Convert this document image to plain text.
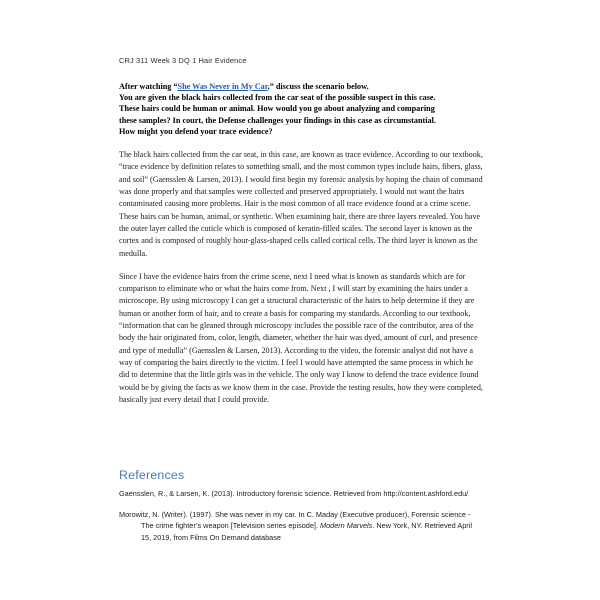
CRJ 311 Week 3 DQ 1 Hair Evidence
After watching “She Was Never in My Car,” discuss the scenario below.
You are given the black hairs collected from the car seat of the possible suspect in this case.
These hairs could be human or animal. How would you go about analyzing and comparing
these samples? In court, the Defense challenges your findings in this case as circumstantial.
How might you defend your trace evidence?

The black hairs collected from the car seat, in this case, are known as trace evidence. According to our textbook, “trace evidence by definition relates to something small, and the most common types include hairs, fibers, glass, and soil” (Gaensslen & Larsen, 2013). I would first begin my forensic analysis by hoping the chain of command was done properly and that samples were collected and preserved appropriately. I would not want the hairs contaminated causing more problems. Hair is the most common of all trace evidence found at a crime scene. These hairs can be human, animal, or synthetic. When examining hair, there are three layers revealed. You have the outer layer called the cuticle which is composed of keratin-filled scales. The second layer is known as the cortex and is composed of roughly hour-glass-shaped cells called cortical cells. The third layer is known as the medulla.

Since I have the evidence hairs from the crime scene, next I need what is known as standards which are for comparison to eliminate who or what the hairs come from. Next , I will start by examining the hairs under a microscope. By using microscopy I can get a structural characteristic of the hairs to help determine if they are human or another form of hair, and to create a basis for comparing my standards. According to our textbook, “information that can be gleaned through microscopy includes the possible race of the contributor, area of the body the hair originated from, color, length, diameter, whether the hair was dyed, amount of curl, and presence and type of medulla” (Gaensslen & Larsen, 2013). According to the video, the forensic analyst did not have a way of comparing the hairs directly to the victim. I feel I would have attempted the same process in which he did to determine that the little girls was in the vehicle. The only way I know to defend the trace evidence found would be by giving the facts as we know them in the case. Provide the testing results, how they were completed, basically just every detail that I could provide.

References

Gaensslen, R., & Larsen, K. (2013). Introductory forensic science. Retrieved from http://content.ashford.edu/

Morowitz, N. (Writer). (1997). She was never in my car. In C. Maday (Executive producer), Forensic science - The crime fighter’s weapon [Television series episode]. Modern Marvels. New York, NY. Retrieved April 15, 2019, from Films On Demand database
